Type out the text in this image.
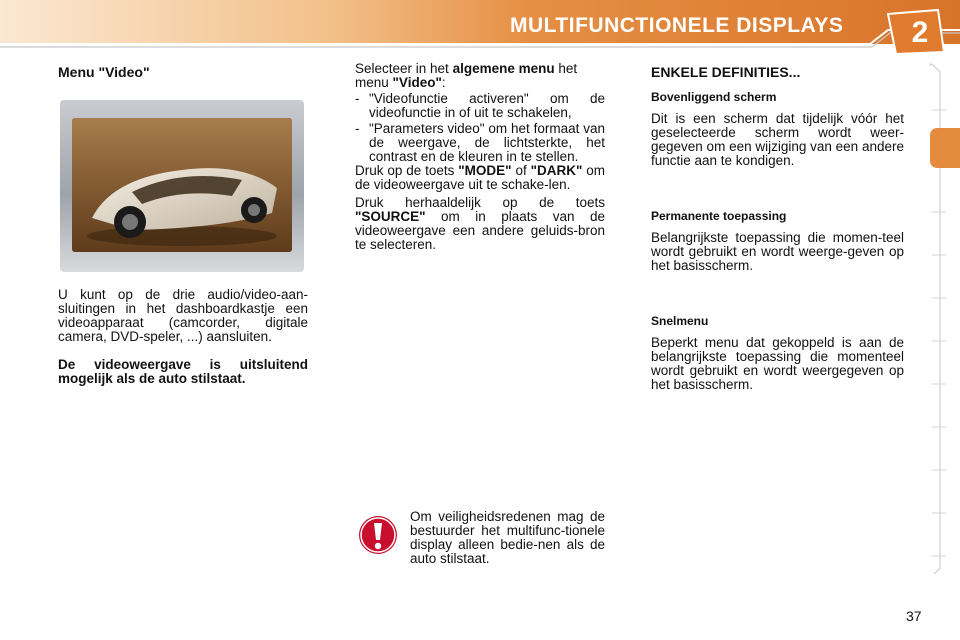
MULTIFUNCTIONELE DISPLAYS	2
Menu "Video"
U kunt op de drie audio/video-aan-sluitingen in het dashboardkastje een videoapparaat (camcorder, digitale camera, DVD-speler, ...) aansluiten.
De videoweergave is uitsluitend mogelijk als de auto stilstaat.
Selecteer in het algemene menu het menu "Video":
- "Videofunctie activeren" om de videofunctie in of uit te schakelen,
- "Parameters video" om het formaat van de weergave, de lichtsterkte, het contrast en de kleuren in te stellen.
Druk op de toets "MODE" of "DARK" om de videoweergave uit te schake-len.
Druk herhaaldelijk op de toets "SOURCE" om in plaats van de videoweergave een andere geluids-bron te selecteren.
Om veiligheidsredenen mag de bestuurder het multifunc-tionele display alleen bedie-nen als de auto stilstaat.
ENKELE DEFINITIES...
Bovenliggend scherm
Dit is een scherm dat tijdelijk vóór het geselecteerde scherm wordt weer-gegeven om een wijziging van een andere functie aan te kondigen.
Permanente toepassing
Belangrijkste toepassing die momen-teel wordt gebruikt en wordt weerge-geven op het basisscherm.
Snelmenu
Beperkt menu dat gekoppeld is aan de belangrijkste toepassing die momenteel wordt gebruikt en wordt weergegeven op het basisscherm.
37
